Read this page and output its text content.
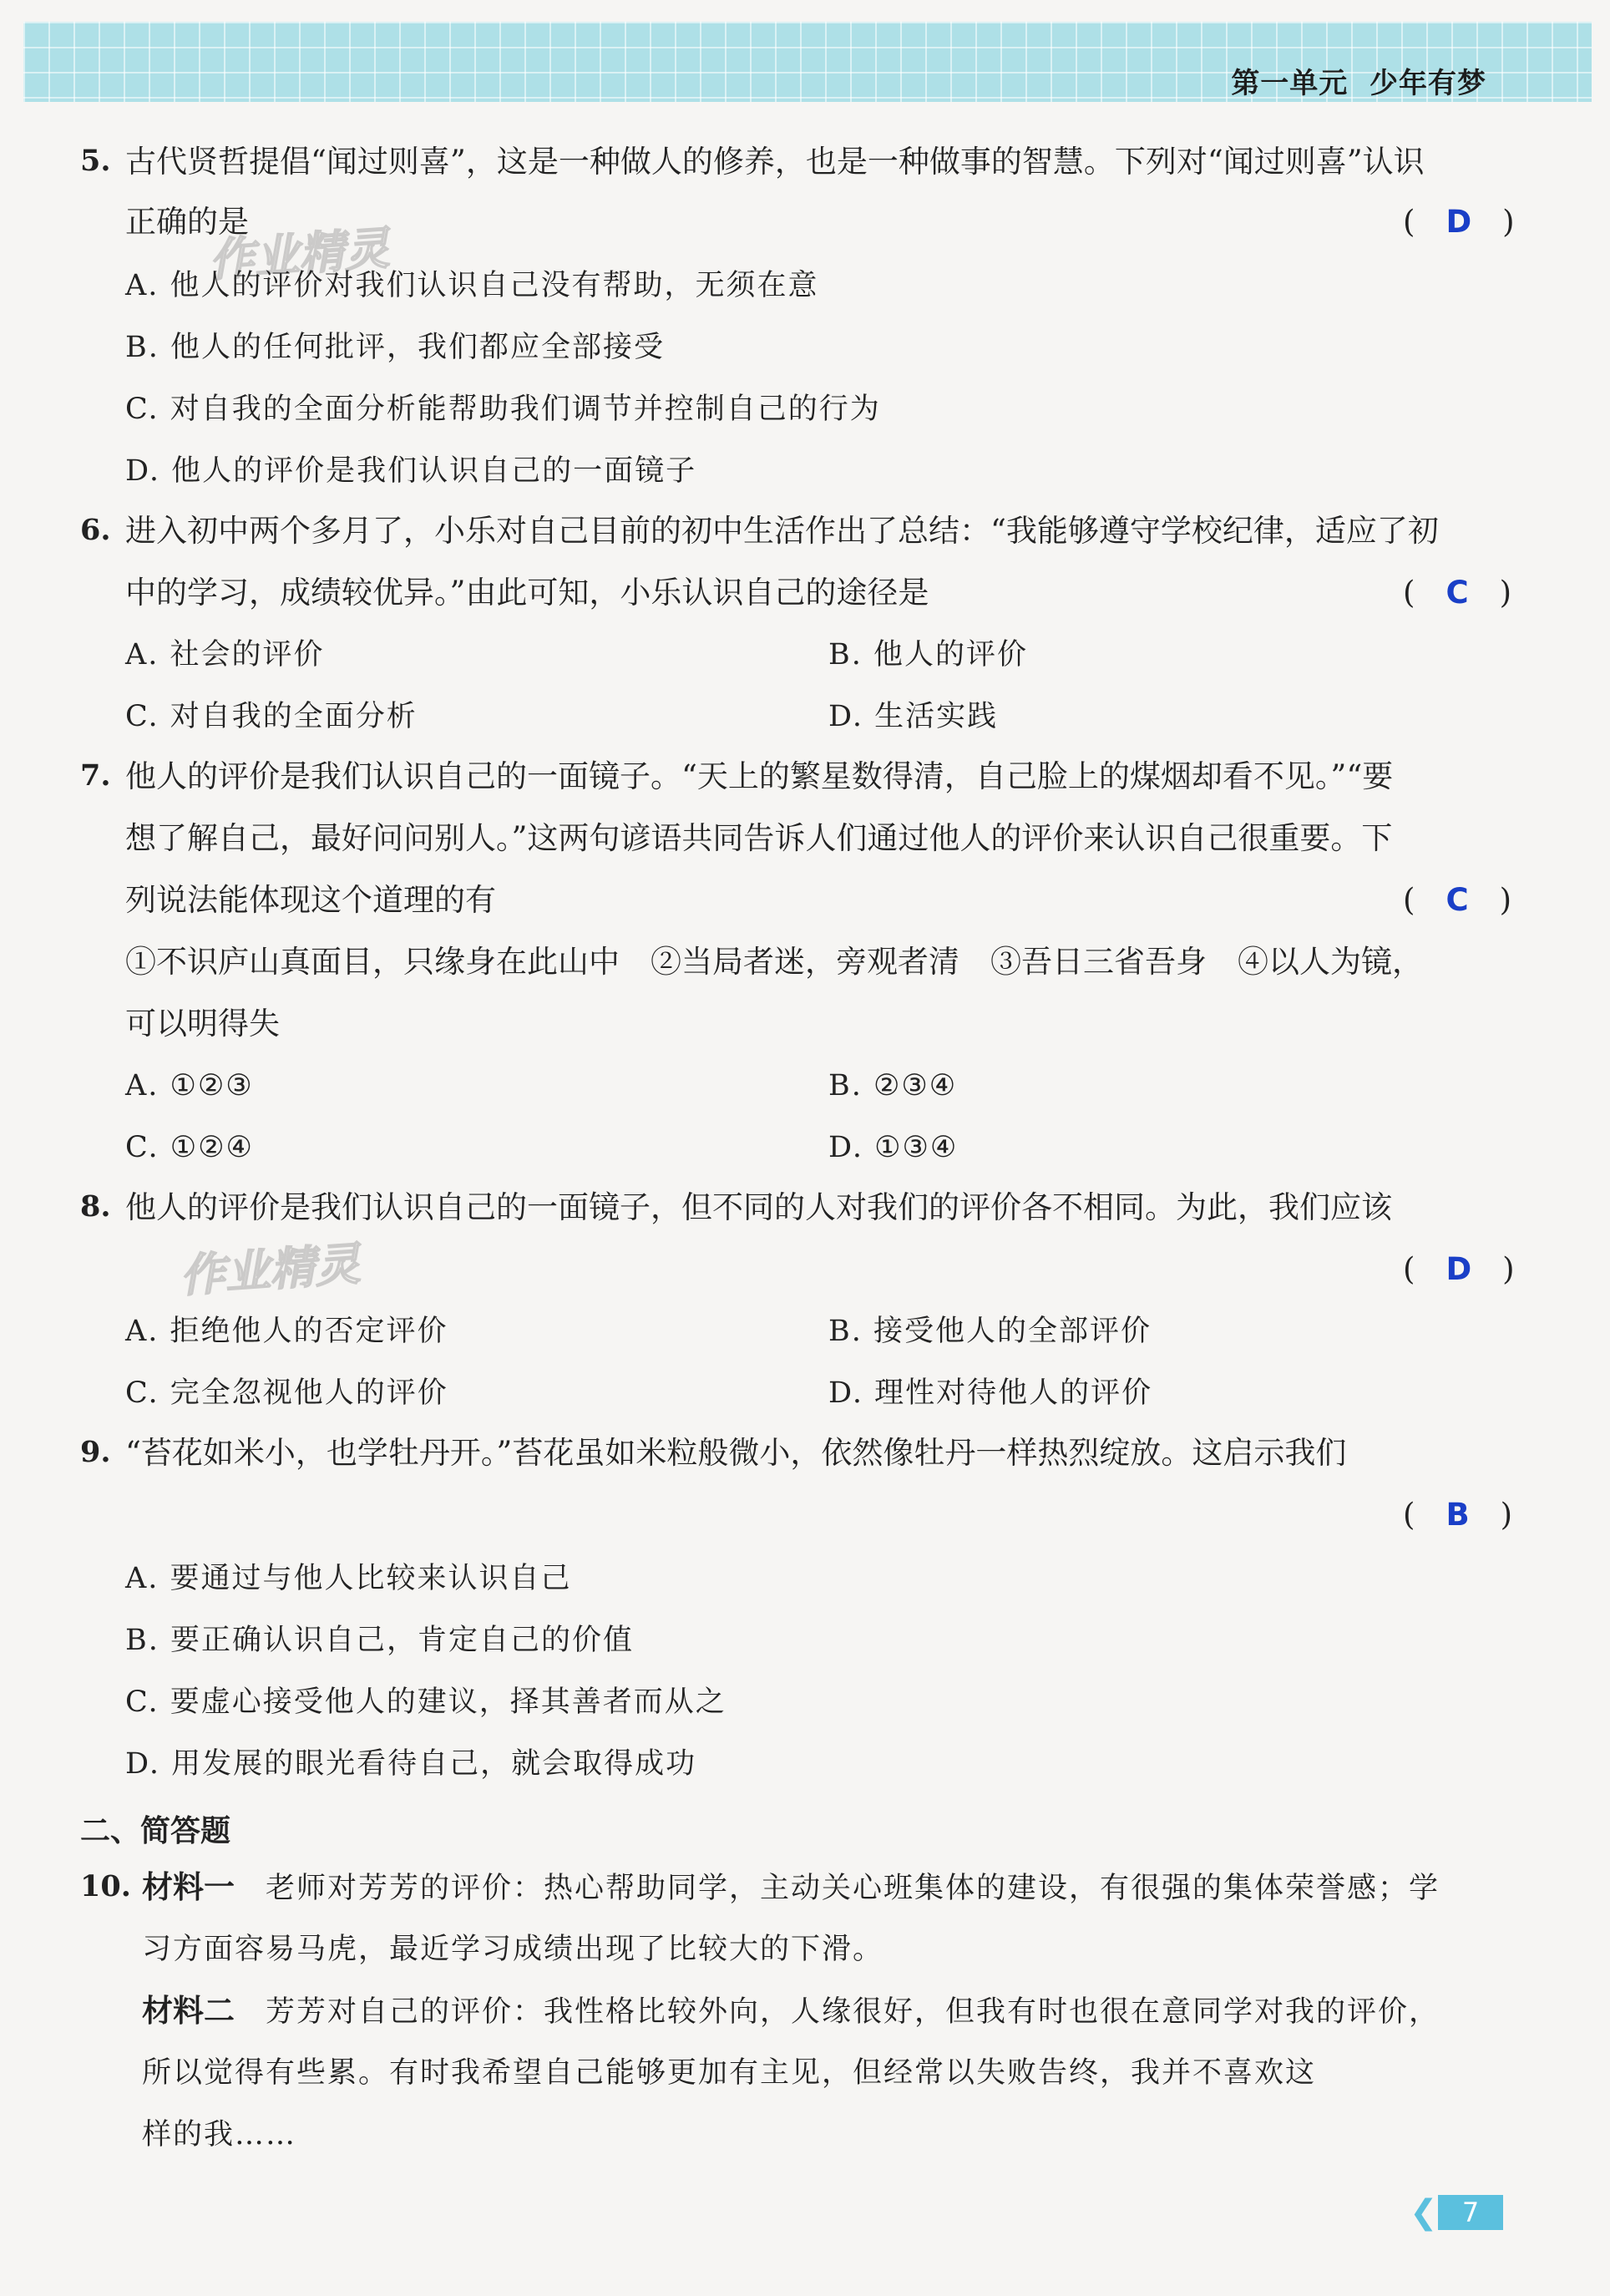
第一单元  少年有梦
5. 古代贤哲提倡“闻过则喜”，这是一种做人的修养，也是一种做事的智慧。下列对“闻过则喜”认识
正确的是	(　D　)
作业精灵
A. 他人的评价对我们认识自己没有帮助，无须在意
B. 他人的任何批评，我们都应全部接受
C. 对自我的全面分析能帮助我们调节并控制自己的行为
D. 他人的评价是我们认识自己的一面镜子
6. 进入初中两个多月了，小乐对自己目前的初中生活作出了总结：“我能够遵守学校纪律，适应了初
中的学习，成绩较优异。”由此可知，小乐认识自己的途径是	(　C　)
A. 社会的评价	B. 他人的评价
C. 对自我的全面分析	D. 生活实践
7. 他人的评价是我们认识自己的一面镜子。“天上的繁星数得清，自己脸上的煤烟却看不见。”“要
想了解自己，最好问问别人。”这两句谚语共同告诉人们通过他人的评价来认识自己很重要。下
列说法能体现这个道理的有	(　C　)
①不识庐山真面目，只缘身在此山中　②当局者迷，旁观者清　③吾日三省吾身　④以人为镜，
可以明得失
A. ①②③	B. ②③④
C. ①②④	D. ①③④
8. 他人的评价是我们认识自己的一面镜子，但不同的人对我们的评价各不相同。为此，我们应该
作业精灵	(　D　)
A. 拒绝他人的否定评价	B. 接受他人的全部评价
C. 完全忽视他人的评价	D. 理性对待他人的评价
9. “苔花如米小，也学牡丹开。”苔花虽如米粒般微小，依然像牡丹一样热烈绽放。这启示我们
(　B　)
A. 要通过与他人比较来认识自己
B. 要正确认识自己，肯定自己的价值
C. 要虚心接受他人的建议，择其善者而从之
D. 用发展的眼光看待自己，就会取得成功
二、简答题
10. 材料一　 老师对芳芳的评价：热心帮助同学，主动关心班集体的建设，有很强的集体荣誉感；学
习方面容易马虎，最近学习成绩出现了比较大的下滑。
材料二　 芳芳对自己的评价：我性格比较外向，人缘很好，但我有时也很在意同学对我的评价，
所以觉得有些累。有时我希望自己能够更加有主见，但经常以失败告终，我并不喜欢这
样的我……
❮ 7
